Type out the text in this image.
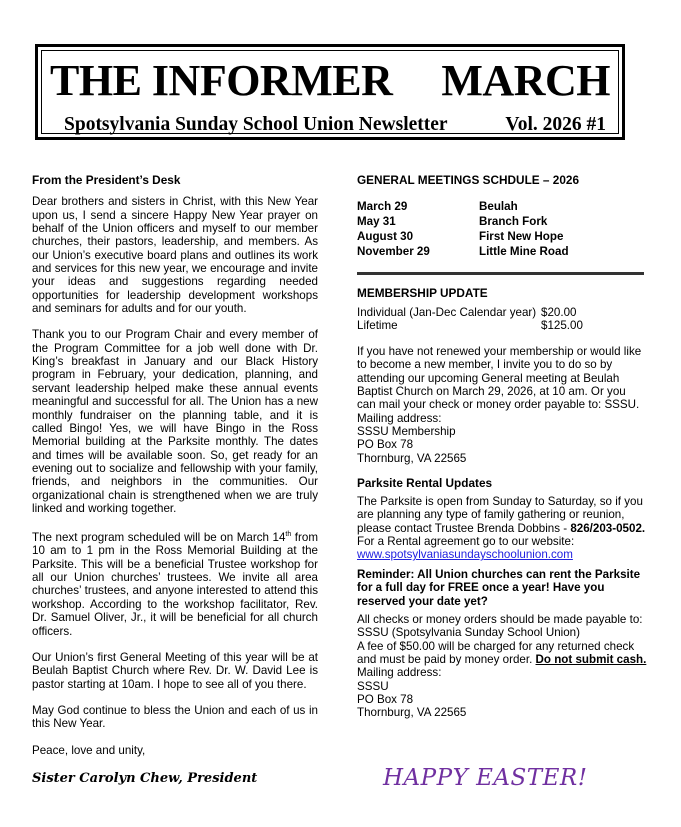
THE INFORMER MARCH
Spotsylvania Sunday School Union Newsletter	Vol. 2026 #1
From the President’s Desk

Dear brothers and sisters in Christ, with this New Year upon us, I send a sincere Happy New Year prayer on behalf of the Union officers and myself to our member churches, their pastors, leadership, and members. As our Union’s executive board plans and outlines its work and services for this new year, we encourage and invite your ideas and suggestions regarding needed opportunities for leadership development workshops and seminars for adults and for our youth.

Thank you to our Program Chair and every member of the Program Committee for a job well done with Dr. King’s breakfast in January and our Black History program in February, your dedication, planning, and servant leadership helped make these annual events meaningful and successful for all. The Union has a new monthly fundraiser on the planning table, and it is called Bingo! Yes, we will have Bingo in the Ross Memorial building at the Parksite monthly. The dates and times will be available soon. So, get ready for an evening out to socialize and fellowship with your family, friends, and neighbors in the communities. Our organizational chain is strengthened when we are truly linked and working together.

The next program scheduled will be on March 14th from 10 am to 1 pm in the Ross Memorial Building at the Parksite. This will be a beneficial Trustee workshop for all our Union churches’ trustees. We invite all area churches’ trustees, and anyone interested to attend this workshop. According to the workshop facilitator, Rev. Dr. Samuel Oliver, Jr., it will be beneficial for all church officers.

Our Union’s first General Meeting of this year will be at Beulah Baptist Church where Rev. Dr. W. David Lee is pastor starting at 10am. I hope to see all of you there.

May God continue to bless the Union and each of us in this New Year.

Peace, love and unity,

Sister Carolyn Chew, President
GENERAL MEETINGS SCHDULE – 2026
March 29	Beulah
May 31	Branch Fork
August 30	First New Hope
November 29	Little Mine Road
MEMBERSHIP UPDATE
Individual (Jan-Dec Calendar year) $20.00
Lifetime	$125.00
If you have not renewed your membership or would like to become a new member, I invite you to do so by attending our upcoming General meeting at Beulah Baptist Church on March 29, 2026, at 10 am. Or you can mail your check or money order payable to: SSSU.
Mailing address:
SSSU Membership
PO Box 78
Thornburg, VA 22565
Parksite Rental Updates
The Parksite is open from Sunday to Saturday, so if you are planning any type of family gathering or reunion, please contact Trustee Brenda Dobbins - 826/203-0502.
For a Rental agreement go to our website:
www.spotsylvaniasundayschoolunion.com
Reminder: All Union churches can rent the Parksite for a full day for FREE once a year! Have you reserved your date yet?
All checks or money orders should be made payable to:
SSSU (Spotsylvania Sunday School Union)
A fee of $50.00 will be charged for any returned check and must be paid by money order. Do not submit cash.
Mailing address:
SSSU
PO Box 78
Thornburg, VA 22565
HAPPY EASTER!
